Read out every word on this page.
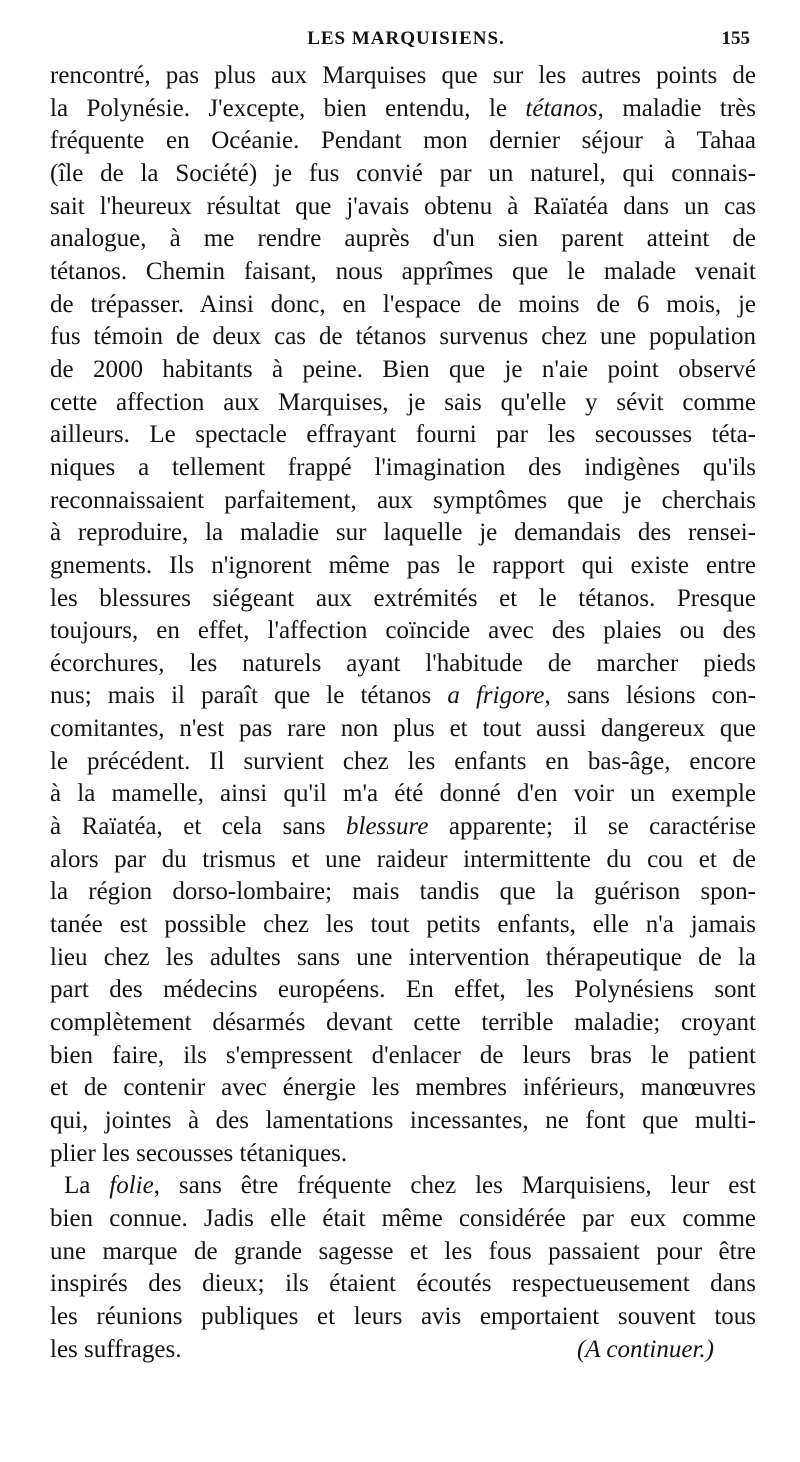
LES MARQUISIENS.	155
rencontré, pas plus aux Marquises que sur les autres points de
la Polynésie. J'excepte, bien entendu, le tétanos, maladie très
fréquente en Océanie. Pendant mon dernier séjour à Tahaa
(île de la Société) je fus convié par un naturel, qui connais-
sait l'heureux résultat que j'avais obtenu à Raïatéa dans un cas
analogue, à me rendre auprès d'un sien parent atteint de
tétanos. Chemin faisant, nous apprîmes que le malade venait
de trépasser. Ainsi donc, en l'espace de moins de 6 mois, je
fus témoin de deux cas de tétanos survenus chez une population
de 2000 habitants à peine. Bien que je n'aie point observé
cette affection aux Marquises, je sais qu'elle y sévit comme
ailleurs. Le spectacle effrayant fourni par les secousses téta-
niques a tellement frappé l'imagination des indigènes qu'ils
reconnaissaient parfaitement, aux symptômes que je cherchais
à reproduire, la maladie sur laquelle je demandais des rensei-
gnements. Ils n'ignorent même pas le rapport qui existe entre
les blessures siégeant aux extrémités et le tétanos. Presque
toujours, en effet, l'affection coïncide avec des plaies ou des
écorchures, les naturels ayant l'habitude de marcher pieds
nus; mais il paraît que le tétanos a frigore, sans lésions con-
comitantes, n'est pas rare non plus et tout aussi dangereux que
le précédent. Il survient chez les enfants en bas-âge, encore
à la mamelle, ainsi qu'il m'a été donné d'en voir un exemple
à Raïatéa, et cela sans blessure apparente; il se caractérise
alors par du trismus et une raideur intermittente du cou et de
la région dorso-lombaire; mais tandis que la guérison spon-
tanée est possible chez les tout petits enfants, elle n'a jamais
lieu chez les adultes sans une intervention thérapeutique de la
part des médecins européens. En effet, les Polynésiens sont
complètement désarmés devant cette terrible maladie; croyant
bien faire, ils s'empressent d'enlacer de leurs bras le patient
et de contenir avec énergie les membres inférieurs, manœuvres
qui, jointes à des lamentations incessantes, ne font que multi-
plier les secousses tétaniques.
La folie, sans être fréquente chez les Marquisiens, leur est
bien connue. Jadis elle était même considérée par eux comme
une marque de grande sagesse et les fous passaient pour être
inspirés des dieux; ils étaient écoutés respectueusement dans
les réunions publiques et leurs avis emportaient souvent tous
les suffrages.	(A continuer.)
